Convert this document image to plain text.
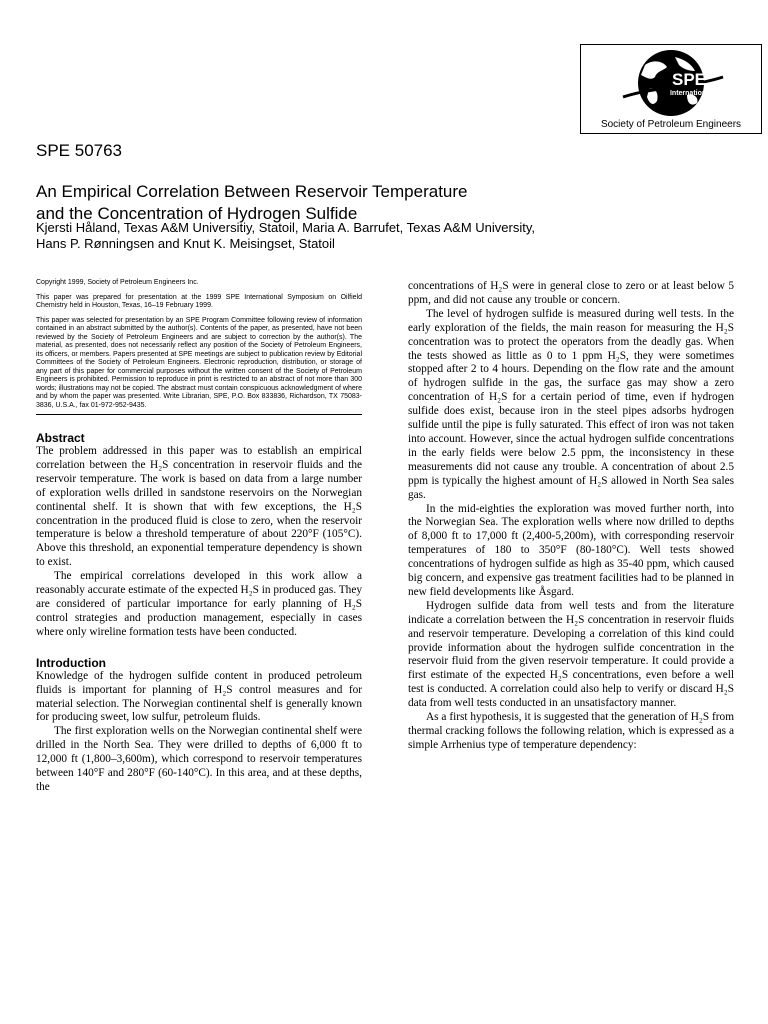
SPE
International
Society of Petroleum Engineers
SPE 50763
An Empirical Correlation Between Reservoir Temperature
and the Concentration of Hydrogen Sulfide
Kjersti Håland, Texas A&M Universitiy, Statoil, Maria A. Barrufet, Texas A&M University,
Hans P. Rønningsen and Knut K. Meisingset, Statoil

Copyright 1999, Society of Petroleum Engineers Inc.

This paper was prepared for presentation at the 1999 SPE International Symposium on Oilfield Chemistry held in Houston, Texas, 16–19 February 1999.

This paper was selected for presentation by an SPE Program Committee following review of information contained in an abstract submitted by the author(s). Contents of the paper, as presented, have not been reviewed by the Society of Petroleum Engineers and are subject to correction by the author(s). The material, as presented, does not necessarily reflect any position of the Society of Petroleum Engineers, its officers, or members. Papers presented at SPE meetings are subject to publication review by Editorial Committees of the Society of Petroleum Engineers. Electronic reproduction, distribution, or storage of any part of this paper for commercial purposes without the written consent of the Society of Petroleum Engineers is prohibited. Permission to reproduce in print is restricted to an abstract of not more than 300 words; illustrations may not be copied. The abstract must contain conspicuous acknowledgment of where and by whom the paper was presented. Write Librarian, SPE, P.O. Box 833836, Richardson, TX 75083-3836, U.S.A., fax 01-972-952-9435.

Abstract

The problem addressed in this paper was to establish an empirical correlation between the H₂S concentration in reservoir fluids and the reservoir temperature. The work is based on data from a large number of exploration wells drilled in sandstone reservoirs on the Norwegian continental shelf. It is shown that with few exceptions, the H₂S concentration in the produced fluid is close to zero, when the reservoir temperature is below a threshold temperature of about 220°F (105°C). Above this threshold, an exponential temperature dependency is shown to exist.

The empirical correlations developed in this work allow a reasonably accurate estimate of the expected H₂S in produced gas. They are considered of particular importance for early planning of H₂S control strategies and production management, especially in cases where only wireline formation tests have been conducted.

Introduction

Knowledge of the hydrogen sulfide content in produced petroleum fluids is important for planning of H₂S control measures and for material selection. The Norwegian continental shelf is generally known for producing sweet, low sulfur, petroleum fluids.

The first exploration wells on the Norwegian continental shelf were drilled in the North Sea. They were drilled to depths of 6,000 ft to 12,000 ft (1,800–3,600m), which correspond to reservoir temperatures between 140°F and 280°F (60-140°C). In this area, and at these depths, the

concentrations of H₂S were in general close to zero or at least below 5 ppm, and did not cause any trouble or concern.

The level of hydrogen sulfide is measured during well tests. In the early exploration of the fields, the main reason for measuring the H₂S concentration was to protect the operators from the deadly gas. When the tests showed as little as 0 to 1 ppm H₂S, they were sometimes stopped after 2 to 4 hours. Depending on the flow rate and the amount of hydrogen sulfide in the gas, the surface gas may show a zero concentration of H₂S for a certain period of time, even if hydrogen sulfide does exist, because iron in the steel pipes adsorbs hydrogen sulfide until the pipe is fully saturated. This effect of iron was not taken into account. However, since the actual hydrogen sulfide concentrations in the early fields were below 2.5 ppm, the inconsistency in these measurements did not cause any trouble. A concentration of about 2.5 ppm is typically the highest amount of H₂S allowed in North Sea sales gas.

In the mid-eighties the exploration was moved further north, into the Norwegian Sea. The exploration wells where now drilled to depths of 8,000 ft to 17,000 ft (2,400-5,200m), with corresponding reservoir temperatures of 180 to 350°F (80-180°C). Well tests showed concentrations of hydrogen sulfide as high as 35-40 ppm, which caused big concern, and expensive gas treatment facilities had to be planned in new field developments like Åsgard.

Hydrogen sulfide data from well tests and from the literature indicate a correlation between the H₂S concentration in reservoir fluids and reservoir temperature. Developing a correlation of this kind could provide information about the hydrogen sulfide concentration in the reservoir fluid from the given reservoir temperature. It could provide a first estimate of the expected H₂S concentrations, even before a well test is conducted. A correlation could also help to verify or discard H₂S data from well tests conducted in an unsatisfactory manner.

As a first hypothesis, it is suggested that the generation of H₂S from thermal cracking follows the following relation, which is expressed as a simple Arrhenius type of temperature dependency:
